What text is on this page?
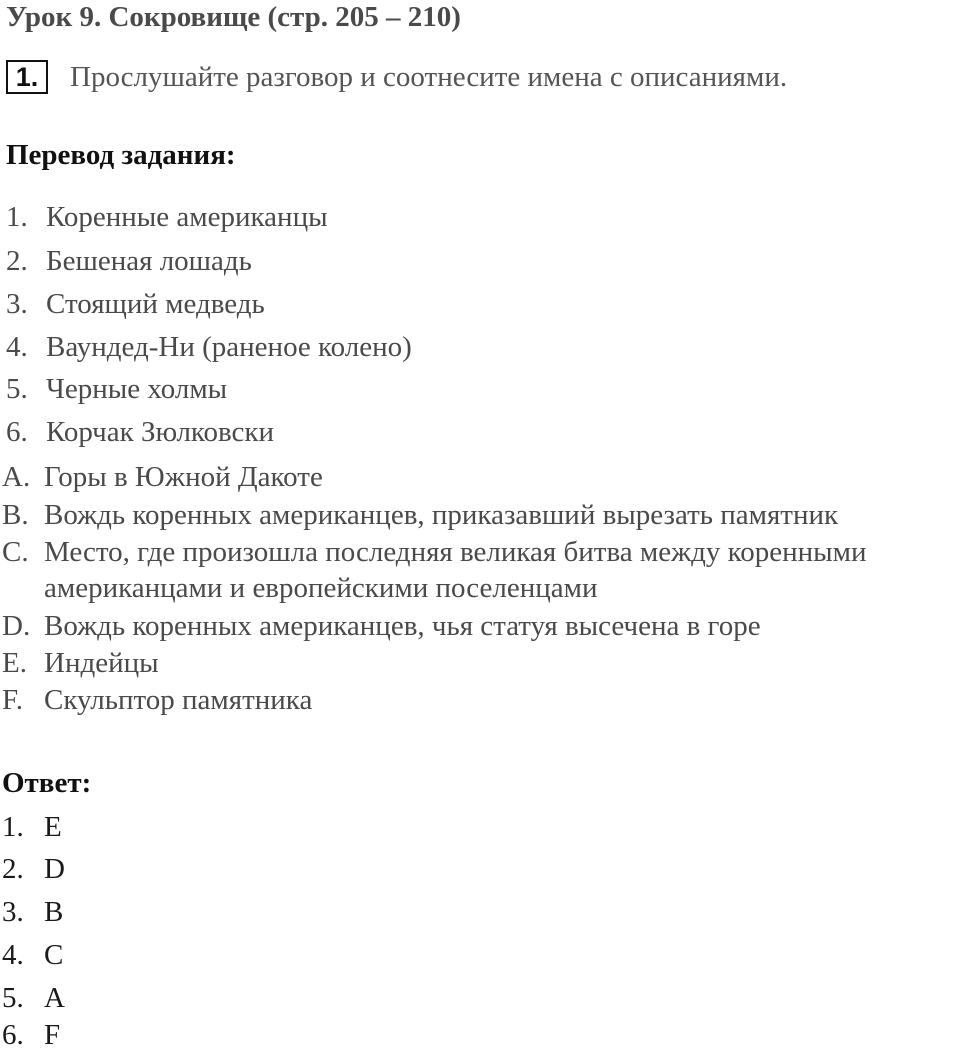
Урок 9. Сокровище (стр. 205 – 210)
1. Прослушайте разговор и соотнесите имена с описаниями.
Перевод задания:
1. Коренные американцы
2. Бешеная лошадь
3. Стоящий медведь
4. Ваундед-Ни (раненое колено)
5. Черные холмы
6. Корчак Зюлковски
A. Горы в Южной Дакоте
B. Вождь коренных американцев, приказавший вырезать памятник
C. Место, где произошла последняя великая битва между коренными
американцами и европейскими поселенцами
D. Вождь коренных американцев, чья статуя высечена в горе
E. Индейцы
F. Скульптор памятника
Ответ:
1. E
2. D
3. B
4. C
5. A
6. F
